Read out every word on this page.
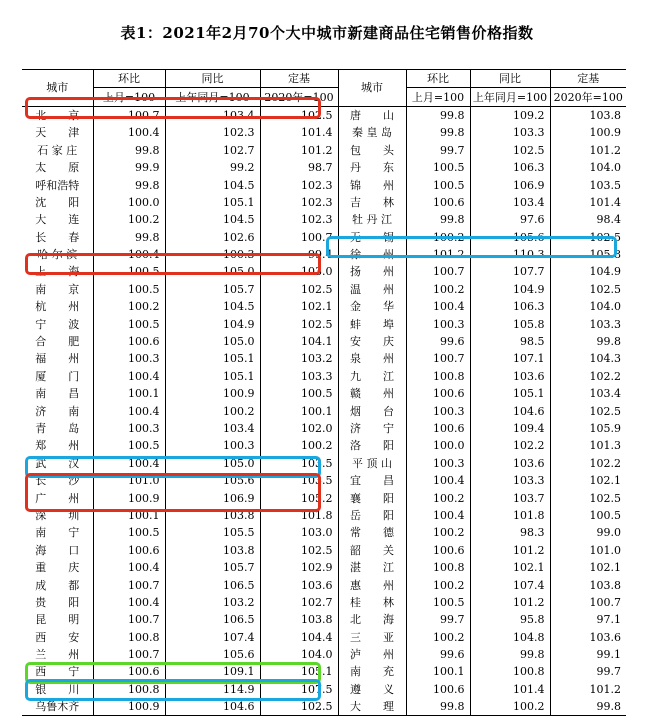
表1：2021年2月70个大中城市新建商品住宅销售价格指数
城市	环比	同比	定基	城市	环比	同比	定基
	上月=100	上年同月=100	2020年=100		上月=100	上年同月=100	2020年=100
北　　京	100.7	103.4	102.5	唐　　山	99.8	109.2	103.8
天　　津	100.4	102.3	101.4	秦 皇 岛	99.8	103.3	100.9
石 家 庄	99.8	102.7	101.2	包　　头	99.7	102.5	101.2
太　　原	99.9	99.2	98.7	丹　　东	100.5	106.3	104.0
呼和浩特	99.8	104.5	102.3	锦　　州	100.5	106.9	103.5
沈　　阳	100.0	105.1	102.3	吉　　林	100.6	103.4	101.4
大　　连	100.2	104.5	102.3	牡 丹 江	99.8	97.6	98.4
长　　春	99.8	102.6	100.7	无　　锡	100.2	105.6	102.5
哈 尔 滨	100.4	100.3	99.4	徐　　州	101.2	110.3	105.8
上　　海	100.5	105.0	103.0	扬　　州	100.7	107.7	104.9
南　　京	100.5	105.7	102.5	温　　州	100.2	104.9	102.5
杭　　州	100.2	104.5	102.1	金　　华	100.4	106.3	104.0
宁　　波	100.5	104.9	102.5	蚌　　埠	100.3	105.8	103.3
合　　肥	100.6	105.0	104.1	安　　庆	99.6	98.5	99.8
福　　州	100.3	105.1	103.2	泉　　州	100.7	107.1	104.3
厦　　门	100.4	105.1	103.3	九　　江	100.8	103.6	102.2
南　　昌	100.1	100.9	100.5	赣　　州	100.6	105.1	103.4
济　　南	100.4	100.2	100.1	烟　　台	100.3	104.6	102.5
青　　岛	100.3	103.4	102.0	济　　宁	100.6	109.4	105.9
郑　　州	100.5	100.3	100.2	洛　　阳	100.0	102.2	101.3
武　　汉	100.4	105.0	103.5	平 顶 山	100.3	103.6	102.2
长　　沙	101.0	105.6	103.5	宜　　昌	100.4	103.3	102.1
广　　州	100.9	106.9	105.2	襄　　阳	100.2	103.7	102.5
深　　圳	100.1	103.8	101.8	岳　　阳	100.4	101.8	100.5
南　　宁	100.5	105.5	103.0	常　　德	100.2	98.3	99.0
海　　口	100.6	103.8	102.5	韶　　关	100.6	101.2	101.0
重　　庆	100.4	105.7	102.9	湛　　江	100.8	102.1	102.1
成　　都	100.7	106.5	103.6	惠　　州	100.2	107.4	103.8
贵　　阳	100.4	103.2	102.7	桂　　林	100.5	101.2	100.7
昆　　明	100.7	106.5	103.8	北　　海	99.7	95.8	97.1
西　　安	100.8	107.4	104.4	三　　亚	100.2	104.8	103.6
兰　　州	100.7	105.6	104.0	泸　　州	99.6	99.8	99.1
西　　宁	100.6	109.1	105.1	南　　充	100.1	100.8	99.7
银　　川	100.8	114.9	107.5	遵　　义	100.6	101.4	101.2
乌鲁木齐	100.9	104.6	102.5	大　　理	99.8	100.2	99.8
